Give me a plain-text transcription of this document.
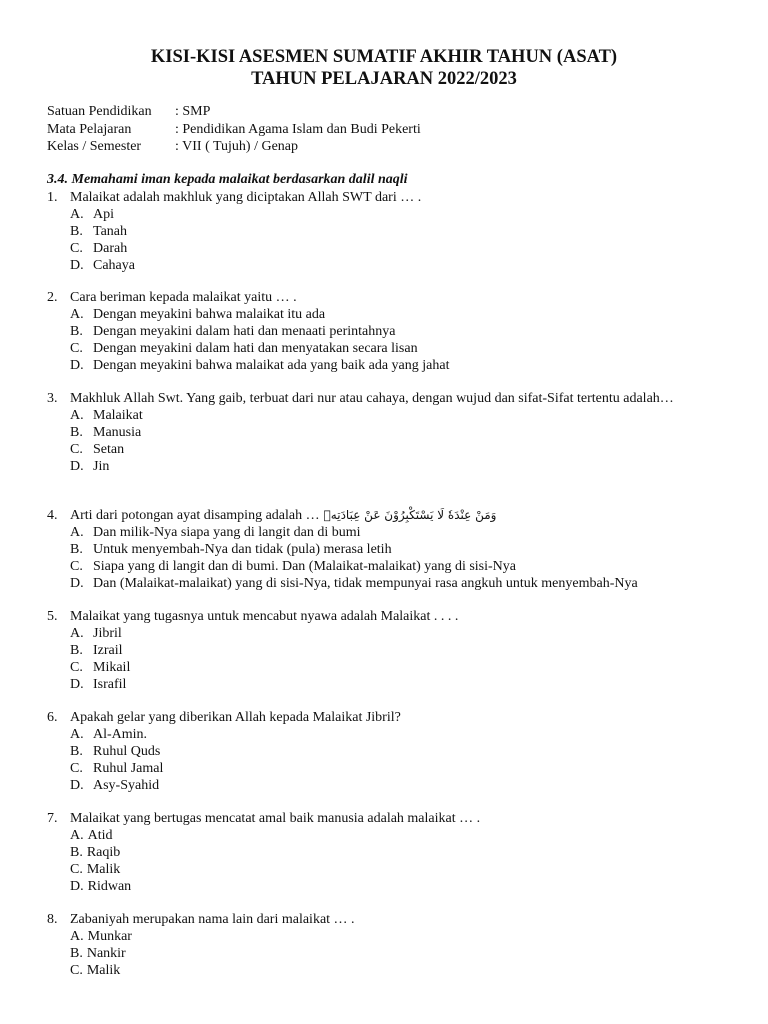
KISI-KISI ASESMEN SUMATIF AKHIR TAHUN (ASAT)
TAHUN PELAJARAN 2022/2023
Satuan Pendidikan : SMP
Mata Pelajaran	: Pendidikan Agama Islam dan Budi Pekerti
Kelas / Semester : VII ( Tujuh) / Genap
3.4. Memahami iman kepada malaikat berdasarkan dalil naqli
1. Malaikat adalah makhluk yang diciptakan Allah SWT dari … .
A. Api
B. Tanah
C. Darah
D. Cahaya
2. Cara beriman kepada malaikat yaitu … .
A. Dengan meyakini bahwa malaikat itu ada
B. Dengan meyakini dalam hati dan menaati perintahnya
C. Dengan meyakini dalam hati dan menyatakan secara lisan
D. Dengan meyakini bahwa malaikat ada yang baik ada yang jahat
3. Makhluk Allah Swt. Yang gaib, terbuat dari nur atau cahaya, dengan wujud dan sifat-Sifat tertentu adalah…
A. Malaikat
B. Manusia
C. Setan
D. Jin
4. Arti dari potongan ayat disamping adalah … وَمَنْ عِنْدَهٗ لَا يَسْتَكْبِرُوْنَ عَنْ عِبَادَتِهٖ
A. Dan milik-Nya siapa yang di langit dan di bumi
B. Untuk menyembah-Nya dan tidak (pula) merasa letih
C. Siapa yang di langit dan di bumi. Dan (Malaikat-malaikat) yang di sisi-Nya
D. Dan (Malaikat-malaikat) yang di sisi-Nya, tidak mempunyai rasa angkuh untuk menyembah-Nya
5. Malaikat yang tugasnya untuk mencabut nyawa adalah Malaikat . . . .
A. Jibril
B. Izrail
C. Mikail
D. Israfil
6. Apakah gelar yang diberikan Allah kepada Malaikat Jibril?
A. Al-Amin.
B. Ruhul Quds
C. Ruhul Jamal
D. Asy-Syahid
7. Malaikat yang bertugas mencatat amal baik manusia adalah malaikat … .
A. Atid
B. Raqib
C. Malik
D. Ridwan
8. Zabaniyah merupakan nama lain dari malaikat … .
A. Munkar
B. Nankir
C. Malik
